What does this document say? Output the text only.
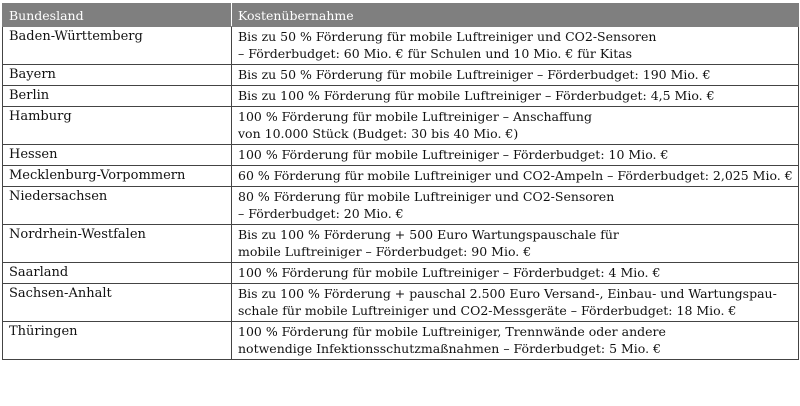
Bundesland	Kostenübernahme
Baden-Württemberg	Bis zu 50 % Förderung für mobile Luftreiniger und CO2-Sensoren
– Förderbudget: 60 Mio. € für Schulen und 10 Mio. € für Kitas

Bayern	Bis zu 50 % Förderung für mobile Luftreiniger – Förderbudget: 190 Mio. €

Berlin	Bis zu 100 % Förderung für mobile Luftreiniger – Förderbudget: 4,5 Mio. €

Hamburg	100 % Förderung für mobile Luftreiniger – Anschaffung
von 10.000 Stück (Budget: 30 bis 40 Mio. €)

Hessen	100 % Förderung für mobile Luftreiniger – Förderbudget: 10 Mio. €

Mecklenburg-Vorpommern	60 % Förderung für mobile Luftreiniger und CO2-Ampeln – Förderbudget: 2,025 Mio. €

Niedersachsen	80 % Förderung für mobile Luftreiniger und CO2-Sensoren
– Förderbudget: 20 Mio. €

Nordrhein-Westfalen	Bis zu 100 % Förderung + 500 Euro Wartungspauschale für
mobile Luftreiniger – Förderbudget: 90 Mio. €

Saarland	100 % Förderung für mobile Luftreiniger – Förderbudget: 4 Mio. €

Sachsen-Anhalt	Bis zu 100 % Förderung + pauschal 2.500 Euro Versand-, Einbau- und Wartungspau-
schale für mobile Luftreiniger und CO2-Messgeräte – Förderbudget: 18 Mio. €

Thüringen	100 % Förderung für mobile Luftreiniger, Trennwände oder andere
notwendige Infektionsschutzmaßnahmen – Förderbudget: 5 Mio. €
